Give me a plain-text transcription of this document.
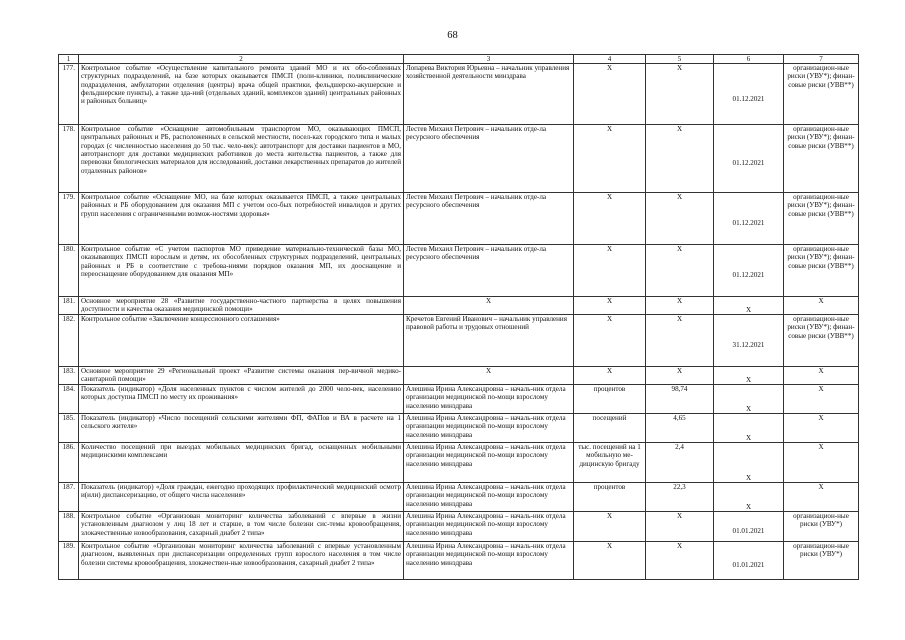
68
1	2	3	4	5	6	7
177.	Контрольное событие «Осуществление капитального ремонта зданий МО и их обо-собленных структурных подразделений, на базе которых оказывается ПМСП (поли-клиники, поликлинические подразделения, амбулатории отделения (центры) врача общей практики, фельдшерско-акушерские и фельдшерские пункты), а также зда-ний (отдельных зданий, комплексов зданий) центральных районных и районных больниц»	Лопарева Виктория Юрьевна – начальник управления хозяйственной деятельности минздрава	X	X	01.12.2021	организацион-ные риски (УВУ*); финан-совые риски (УВВ**)
178.	Контрольное событие «Оснащение автомобильным транспортом МО, оказывающих ПМСП, центральных районных и РБ, расположенных в сельской местности, посел-ках городского типа и малых городах (с численностью населения до 50 тыс. чело-век): автотранспорт для доставки пациентов в МО, автотранспорт для доставки медицинских работников до места жительства пациентов, а также для перевозки биологических материалов для исследований, доставки лекарственных препаратов до жителей отдаленных районов»	Лестев Михаил Петрович – начальник отде-ла ресурсного обеспечения	X	X	01.12.2021	организацион-ные риски (УВУ*); финан-совые риски (УВВ**)
179.	Контрольное событие «Оснащение МО, на базе которых оказывается ПМСП, а также центральных районных и РБ оборудованием для оказания МП с учетом осо-бых потребностей инвалидов и других групп населения с ограниченными возмож-ностями здоровья»	Лестев Михаил Петрович – начальник отде-ла ресурсного обеспечения	X	X	01.12.2021	организацион-ные риски (УВУ*); финан-совые риски (УВВ**)
180.	Контрольное событие «С учетом паспортов МО приведение материально-технической базы МО, оказывающих ПМСП взрослым и детям, их обособленных структурных подразделений, центральных районных и РБ в соответствие с требова-ниями порядков оказания МП, их дооснащение и переоснащение оборудованием для оказания МП»	Лестев Михаил Петрович – начальник отде-ла ресурсного обеспечения	X	X	01.12.2021	организацион-ные риски (УВУ*); финан-совые риски (УВВ**)
181.	Основное мероприятие 28 «Развитие государственно-частного партнерства в целях повышения доступности и качества оказания медицинской помощи»	X	X	X	X	X
182.	Контрольное событие «Заключение концессионного соглашения»	Кречетов Евгений Иванович – начальник управления правовой работы и трудовых отношений	X	X	31.12.2021	организацион-ные риски (УВУ*); финан-совые риски (УВВ**)
183.	Основное мероприятие 29 «Региональный проект «Развитие системы оказания пер-вичной медико-санитарной помощи»	X	X	X	X	X
184.	Показатель (индикатор) «Доля населенных пунктов с числом жителей до 2000 чело-век, населению которых доступна ПМСП по месту их проживания»	Алешина Ирина Александровна – началь-ник отдела организации медицинской по-мощи взрослому населению минздрава	процентов	98,74	X	X
185.	Показатель (индикатор) «Число посещений сельскими жителями ФП, ФАПов и ВА в расчете на 1 сельского жителя»	Алешина Ирина Александровна – началь-ник отдела организации медицинской по-мощи взрослому населению минздрава	посещений	4,65	X	X
186.	Количество посещений при выездах мобильных медицинских бригад, оснащенных мобильными медицинскими комплексами	Алешина Ирина Александровна – началь-ник отдела организации медицинской по-мощи взрослому населению минздрава	тыс. посещений на 1 мобильную ме-дицинскую бригаду	2,4	X	X
187.	Показатель (индикатор) «Доля граждан, ежегодно проходящих профилактический медицинский осмотр и(или) диспансеризацию, от общего числа населения»	Алешина Ирина Александровна – началь-ник отдела организации медицинской по-мощи взрослому населению минздрава	процентов	22,3	X	X
188.	Контрольное событие «Организован мониторинг количества заболеваний с впервые в жизни установленным диагнозом у лиц 18 лет и старше, в том числе болезни сис-темы кровообращения, злокачественные новообразования, сахарный диабет 2 типа»	Алешина Ирина Александровна – началь-ник отдела организации медицинской по-мощи взрослому населению минздрава	X	X	01.01.2021	организацион-ные риски (УВУ*)
189.	Контрольное событие «Организован мониторинг количества заболеваний с впервые установленным диагнозом, выявленных при диспансеризации определенных групп взрослого населения в том числе болезни системы кровообращения, злокачествен-ные новообразования, сахарный диабет 2 типа»	Алешина Ирина Александровна – началь-ник отдела организации медицинской по-мощи взрослому населению минздрава	X	X	01.01.2021	организацион-ные риски (УВУ*)
